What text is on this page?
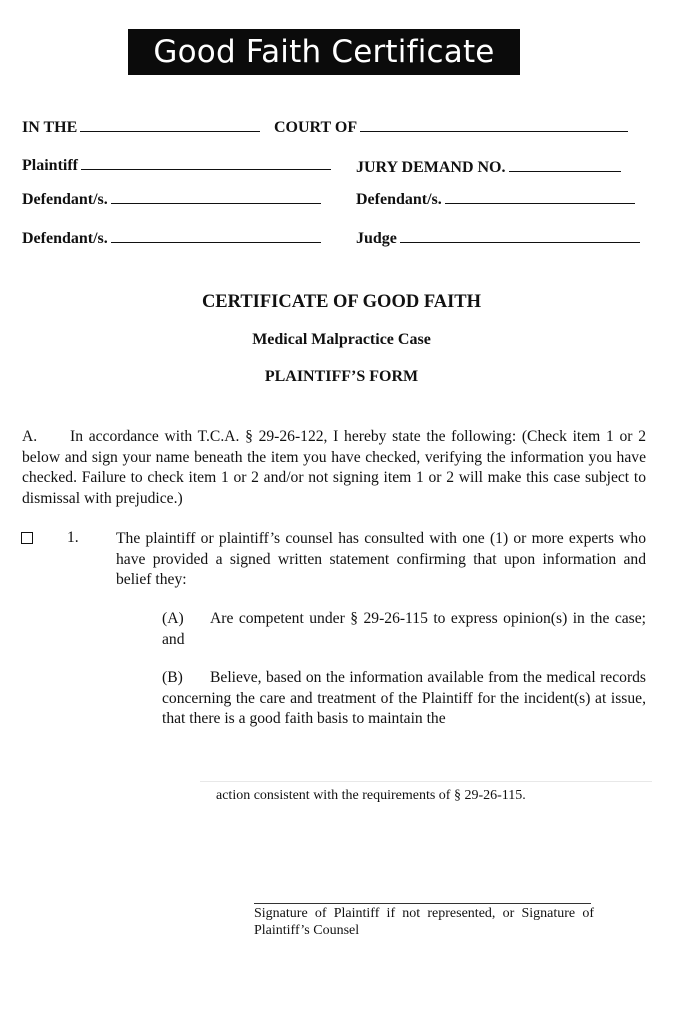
Good Faith Certificate
IN THE	COURT OF
Plaintiff	JURY DEMAND NO.
Defendant/s.	Defendant/s.
Defendant/s.	Judge
CERTIFICATE OF GOOD FAITH
Medical Malpractice Case
PLAINTIFF’S FORM
A. In accordance with T.C.A. § 29-26-122, I hereby state the following: (Check item 1 or 2 below and sign your name beneath the item you have checked, verifying the information you have checked. Failure to check item 1 or 2 and/or not signing item 1 or 2 will make this case subject to dismissal with prejudice.)
1. The plaintiff or plaintiff’s counsel has consulted with one (1) or more experts who have provided a signed written statement confirming that upon information and belief they:
(A) Are competent under § 29-26-115 to express opinion(s) in the case; and
(B) Believe, based on the information available from the medical records concerning the care and treatment of the Plaintiff for the incident(s) at issue, that there is a good faith basis to maintain the
action consistent with the requirements of § 29-26-115.
Signature of Plaintiff if not represented, or Signature of Plaintiff’s Counsel
